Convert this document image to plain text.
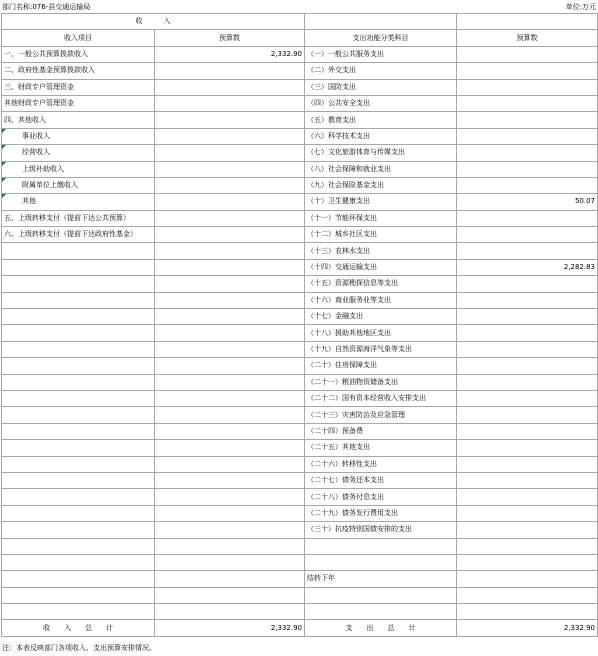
部门名称:076-县交通运输局	单位:万元
收　　　入			
收入项目	预算数	支出功能分类科目	预算数
一、一般公共预算拨款收入	2,332.90	（一）一般公共服务支出	
二、政府性基金预算拨款收入		（二）外交支出	
三、财政专户管理资金		（三）国防支出	
其他财政专户管理资金		（四）公共安全支出	
四、其他收入		（五）教育支出	
事业收入		（六）科学技术支出	
经营收入		（七）文化旅游体育与传媒支出	
上级补助收入		（八）社会保障和就业支出	
附属单位上缴收入		（九）社会保险基金支出	
其他		（十）卫生健康支出	50.07
五、上级转移支付（提前下达公共预算）		（十一）节能环保支出	
六、上级转移支付（提前下达政府性基金）		（十二）城乡社区支出	
		（十三）农林水支出	
		（十四）交通运输支出	2,282.83
		（十五）资源勘探信息等支出	
		（十六）商业服务业等支出	
		（十七）金融支出	
		（十八）援助其他地区支出	
		（十九）自然资源海洋气象等支出	
		（二十）住房保障支出	
		（二十一）粮油物资储备支出	
		（二十二）国有资本经营收入安排支出	
		（二十三）灾害防治及应急管理	
		（二十四）预备费	
		（二十五）其他支出	
		（二十六）转移性支出	
		（二十七）债务还本支出	
		（二十八）债务付息支出	
		（二十九）债务发行费用支出	
		（三十）抗疫特别国债安排的支出	

		结转下年	

收　　入　　总　　计	2,332.90	支　　出　　总　　计	2,332.90
注：本表反映部门各项收入、支出预算安排情况。
